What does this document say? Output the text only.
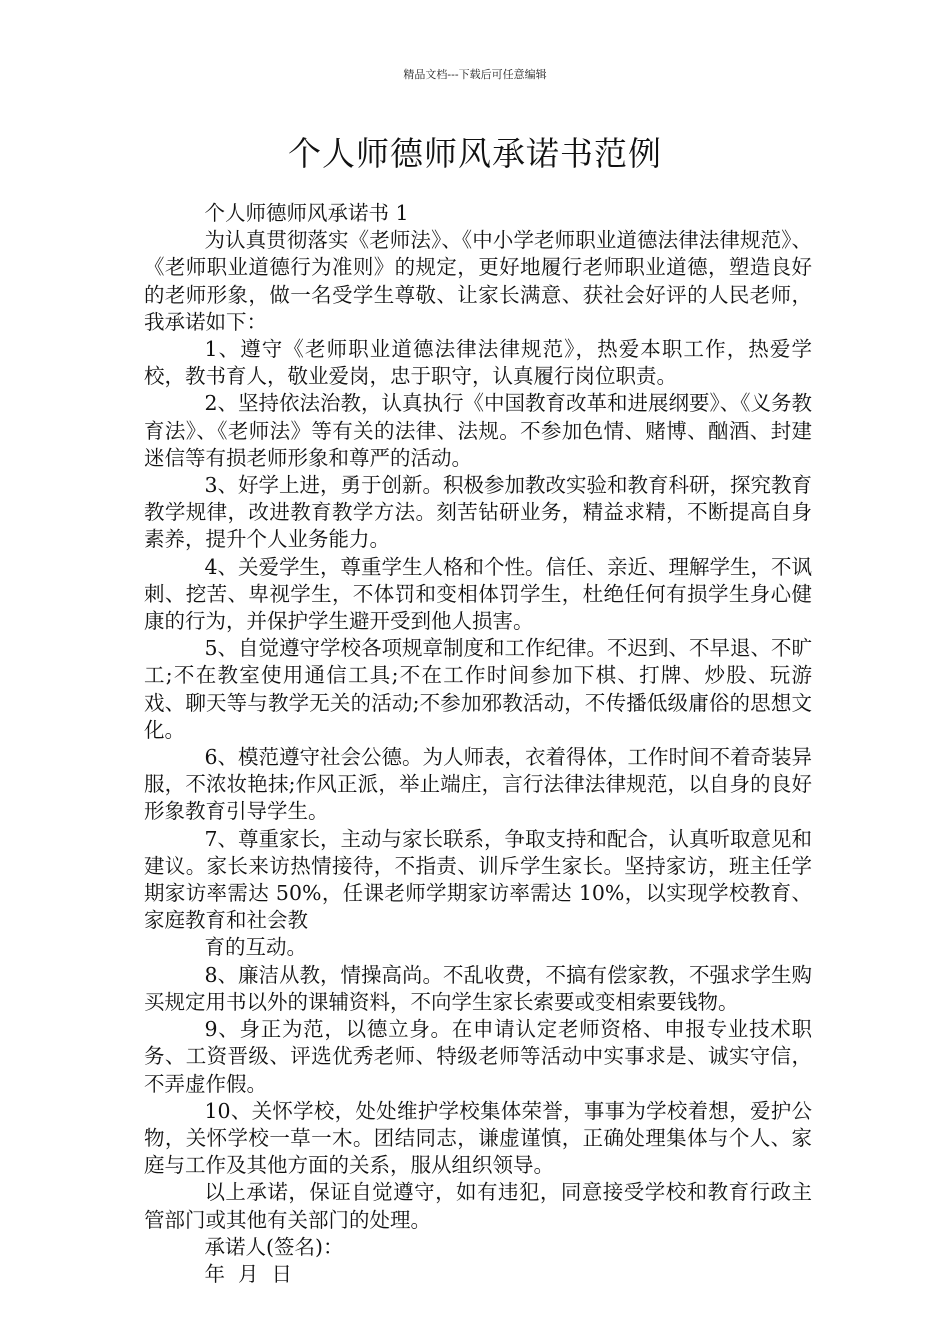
精品文档---下载后可任意编辑
个人师德师风承诺书范例

个人师德师风承诺书 1

为认真贯彻落实《老师法》、《中小学老师职业道德法律法律规范》、《老师职业道德行为准则》的规定，更好地履行老师职业道德，塑造良好的老师形象，做一名受学生尊敬、让家长满意、获社会好评的人民老师，我承诺如下：

1、遵守《老师职业道德法律法律规范》，热爱本职工作，热爱学校，教书育人，敬业爱岗，忠于职守，认真履行岗位职责。

2、坚持依法治教，认真执行《中国教育改革和进展纲要》、《义务教育法》、《老师法》等有关的法律、法规。不参加色情、赌博、酗酒、封建迷信等有损老师形象和尊严的活动。

3、好学上进，勇于创新。积极参加教改实验和教育科研，探究教育教学规律，改进教育教学方法。刻苦钻研业务，精益求精，不断提高自身素养，提升个人业务能力。

4、关爱学生，尊重学生人格和个性。信任、亲近、理解学生，不讽刺、挖苦、卑视学生，不体罚和变相体罚学生，杜绝任何有损学生身心健康的行为，并保护学生避开受到他人损害。

5、自觉遵守学校各项规章制度和工作纪律。不迟到、不早退、不旷工;不在教室使用通信工具;不在工作时间参加下棋、打牌、炒股、玩游戏、聊天等与教学无关的活动;不参加邪教活动，不传播低级庸俗的思想文化。

6、模范遵守社会公德。为人师表，衣着得体，工作时间不着奇装异服，不浓妆艳抹;作风正派，举止端庄，言行法律法律规范，以自身的良好形象教育引导学生。

7、尊重家长，主动与家长联系，争取支持和配合，认真听取意见和建议。家长来访热情接待，不指责、训斥学生家长。坚持家访，班主任学期家访率需达 50%，任课老师学期家访率需达 10%，以实现学校教育、家庭教育和社会教

育的互动。

8、廉洁从教，情操高尚。不乱收费，不搞有偿家教，不强求学生购买规定用书以外的课辅资料，不向学生家长索要或变相索要钱物。

9、身正为范，以德立身。在申请认定老师资格、申报专业技术职务、工资晋级、评选优秀老师、特级老师等活动中实事求是、诚实守信，不弄虚作假。

10、关怀学校，处处维护学校集体荣誉，事事为学校着想，爱护公物，关怀学校一草一木。团结同志，谦虚谨慎，正确处理集体与个人、家庭与工作及其他方面的关系，服从组织领导。

以上承诺，保证自觉遵守，如有违犯，同意接受学校和教育行政主管部门或其他有关部门的处理。

承诺人(签名)：

年  月  日
